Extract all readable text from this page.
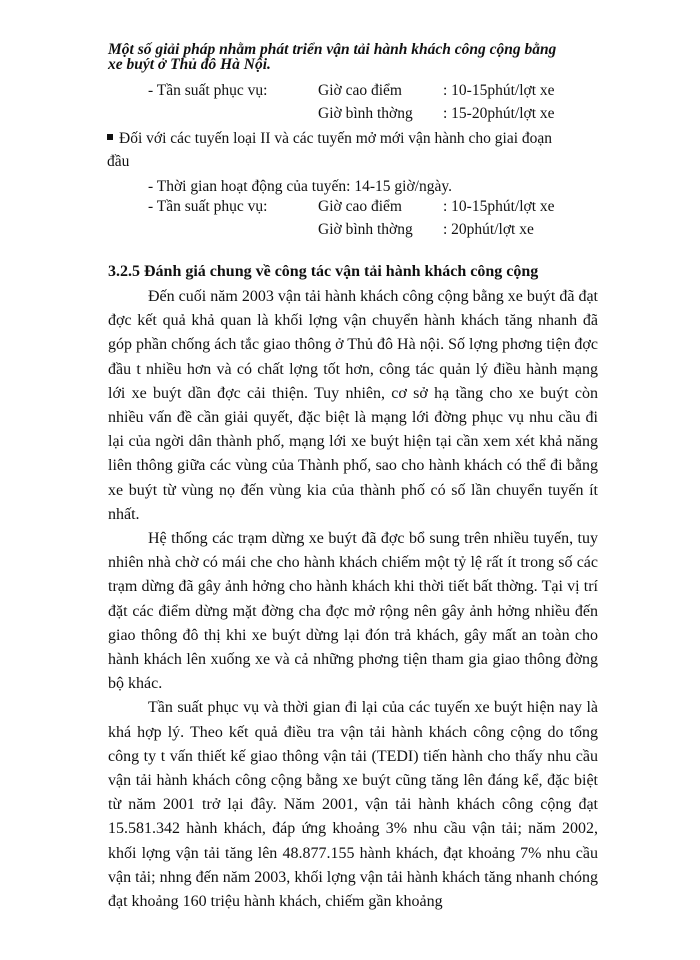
Một số giải pháp nhằm phát triển vận tải hành khách công cộng bằng
xe buýt ở Thủ đô Hà Nội.
- Tần suất phục vụ:	Giờ cao điểm	: 10-15phút/lợt xe
Giờ bình thờng : 15-20phút/lợt xe
Đối với các tuyến loại II và các tuyến mở mới vận hành cho giai đoạn
đầu
- Thời gian hoạt động của tuyến: 14-15 giờ/ngày.
- Tần suất phục vụ:	Giờ cao điểm	: 10-15phút/lợt xe
Giờ bình thờng : 20phút/lợt xe
3.2.5 Đánh giá chung về công tác vận tải hành khách công cộng

Đến cuối năm 2003 vận tải hành khách công cộng bằng xe buýt đã đạt đợc kết quả khả quan là khối lợng vận chuyển hành khách tăng nhanh đã góp phần chống ách tắc giao thông ở Thủ đô Hà nội. Số lợng phơng tiện đợc đầu t nhiều hơn và có chất lợng tốt hơn, công tác quản lý điều hành mạng lới xe buýt dần đợc cải thiện. Tuy nhiên, cơ sở hạ tầng cho xe buýt còn nhiều vấn đề cần giải quyết, đặc biệt là mạng lới đờng phục vụ nhu cầu đi lại của ngời dân thành phố, mạng lới xe buýt hiện tại cần xem xét khả năng liên thông giữa các vùng của Thành phố, sao cho hành khách có thể đi bằng xe buýt từ vùng nọ đến vùng kia của thành phố có số lần chuyển tuyến ít nhất.

Hệ thống các trạm dừng xe buýt đã đợc bổ sung trên nhiều tuyến, tuy nhiên nhà chờ có mái che cho hành khách chiếm một tỷ lệ rất ít trong số các trạm dừng đã gây ảnh hởng cho hành khách khi thời tiết bất thờng. Tại vị trí đặt các điểm dừng mặt đờng cha đợc mở rộng nên gây ảnh hởng nhiều đến giao thông đô thị khi xe buýt dừng lại đón trả khách, gây mất an toàn cho hành khách lên xuống xe và cả những phơng tiện tham gia giao thông đờng bộ khác.

Tần suất phục vụ và thời gian đi lại của các tuyến xe buýt hiện nay là khá hợp lý. Theo kết quả điều tra vận tải hành khách công cộng do tổng công ty t vấn thiết kế giao thông vận tải (TEDI) tiến hành cho thấy nhu cầu vận tải hành khách công cộng bằng xe buýt cũng tăng lên đáng kể, đặc biệt từ năm 2001 trở lại đây. Năm 2001, vận tải hành khách công cộng đạt 15.581.342 hành khách, đáp ứng khoảng 3% nhu cầu vận tải; năm 2002, khối lợng vận tải tăng lên 48.877.155 hành khách, đạt khoảng 7% nhu cầu vận tải; nhng đến năm 2003, khối lợng vận tải hành khách tăng nhanh chóng đạt khoảng 160 triệu hành khách, chiếm gần khoảng
